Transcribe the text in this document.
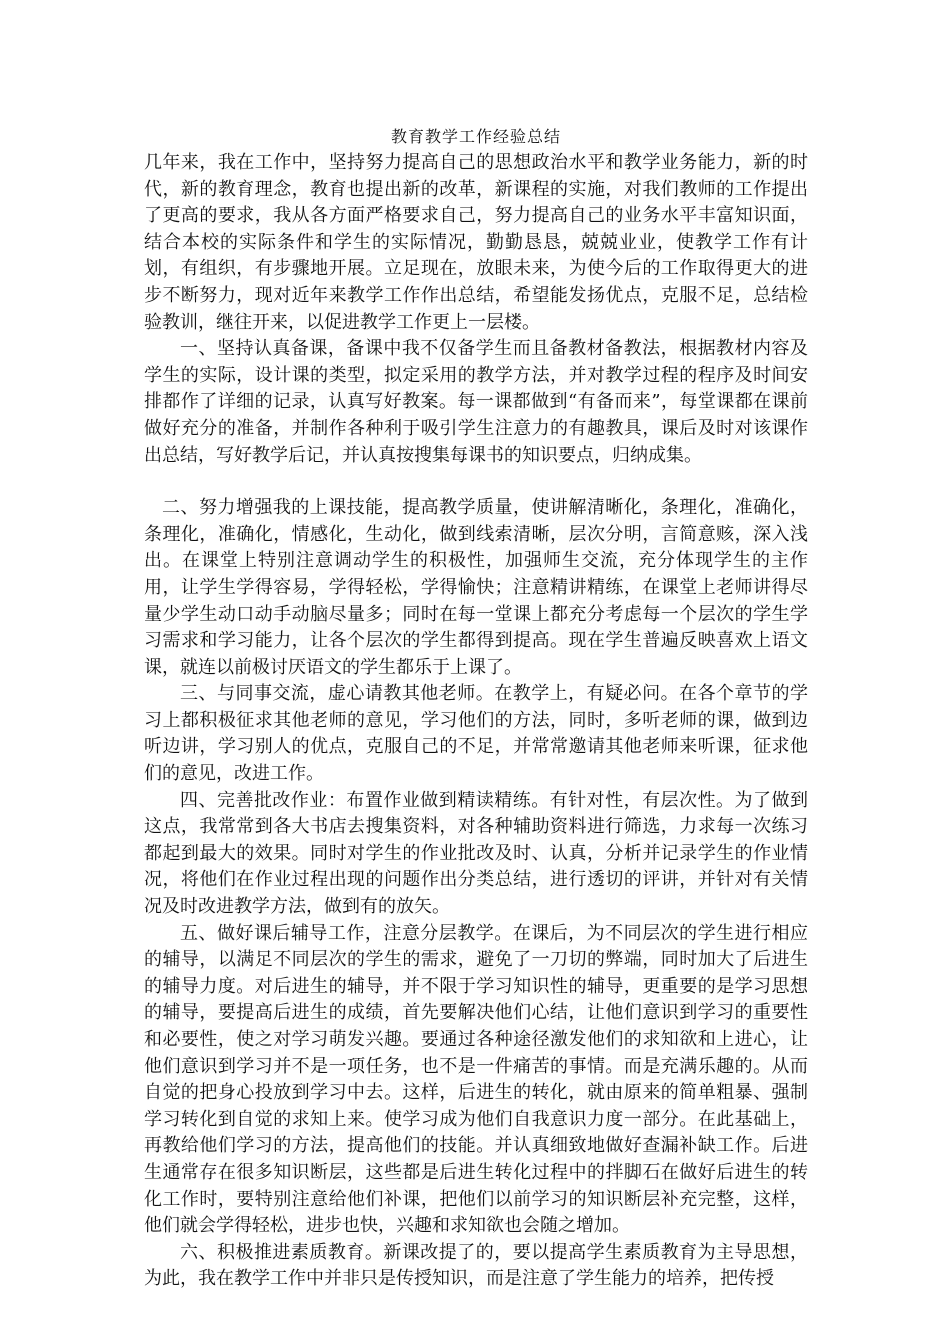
教育教学工作经验总结

几年来，我在工作中，坚持努力提高自己的思想政治水平和教学业务能力，新的时代，新的教育理念，教育也提出新的改革，新课程的实施，对我们教师的工作提出了更高的要求，我从各方面严格要求自己，努力提高自己的业务水平丰富知识面，结合本校的实际条件和学生的实际情况，勤勤恳恳，兢兢业业，使教学工作有计划，有组织，有步骤地开展。立足现在，放眼未来，为使今后的工作取得更大的进步不断努力，现对近年来教学工作作出总结，希望能发扬优点，克服不足，总结检验教训，继往开来，以促进教学工作更上一层楼。

一、坚持认真备课，备课中我不仅备学生而且备教材备教法，根据教材内容及学生的实际，设计课的类型，拟定采用的教学方法，并对教学过程的程序及时间安排都作了详细的记录，认真写好教案。每一课都做到“有备而来”，每堂课都在课前做好充分的准备，并制作各种利于吸引学生注意力的有趣教具，课后及时对该课作出总结，写好教学后记，并认真按搜集每课书的知识要点，归纳成集。

二、努力增强我的上课技能，提高教学质量，使讲解清晰化，条理化，准确化，条理化，准确化，情感化，生动化，做到线索清晰，层次分明，言简意赅，深入浅出。在课堂上特别注意调动学生的积极性，加强师生交流，充分体现学生的主作用，让学生学得容易，学得轻松，学得愉快；注意精讲精练，在课堂上老师讲得尽量少学生动口动手动脑尽量多；同时在每一堂课上都充分考虑每一个层次的学生学习需求和学习能力，让各个层次的学生都得到提高。现在学生普遍反映喜欢上语文课，就连以前极讨厌语文的学生都乐于上课了。

三、与同事交流，虚心请教其他老师。在教学上，有疑必问。在各个章节的学习上都积极征求其他老师的意见，学习他们的方法，同时，多听老师的课，做到边听边讲，学习别人的优点，克服自己的不足，并常常邀请其他老师来听课，征求他们的意见，改进工作。

四、完善批改作业：布置作业做到精读精练。有针对性，有层次性。为了做到这点，我常常到各大书店去搜集资料，对各种辅助资料进行筛选，力求每一次练习都起到最大的效果。同时对学生的作业批改及时、认真，分析并记录学生的作业情况，将他们在作业过程出现的问题作出分类总结，进行透切的评讲，并针对有关情况及时改进教学方法，做到有的放矢。

五、做好课后辅导工作，注意分层教学。在课后，为不同层次的学生进行相应的辅导，以满足不同层次的学生的需求，避免了一刀切的弊端，同时加大了后进生的辅导力度。对后进生的辅导，并不限于学习知识性的辅导，更重要的是学习思想的辅导，要提高后进生的成绩，首先要解决他们心结，让他们意识到学习的重要性和必要性，使之对学习萌发兴趣。要通过各种途径激发他们的求知欲和上进心，让他们意识到学习并不是一项任务，也不是一件痛苦的事情。而是充满乐趣的。从而自觉的把身心投放到学习中去。这样，后进生的转化，就由原来的简单粗暴、强制学习转化到自觉的求知上来。使学习成为他们自我意识力度一部分。在此基础上，再教给他们学习的方法，提高他们的技能。并认真细致地做好查漏补缺工作。后进生通常存在很多知识断层，这些都是后进生转化过程中的拌脚石在做好后进生的转化工作时，要特别注意给他们补课，把他们以前学习的知识断层补充完整，这样，他们就会学得轻松，进步也快，兴趣和求知欲也会随之增加。

六、积极推进素质教育。新课改提了的，要以提高学生素质教育为主导思想，为此，我在教学工作中并非只是传授知识，而是注意了学生能力的培养，把传授
